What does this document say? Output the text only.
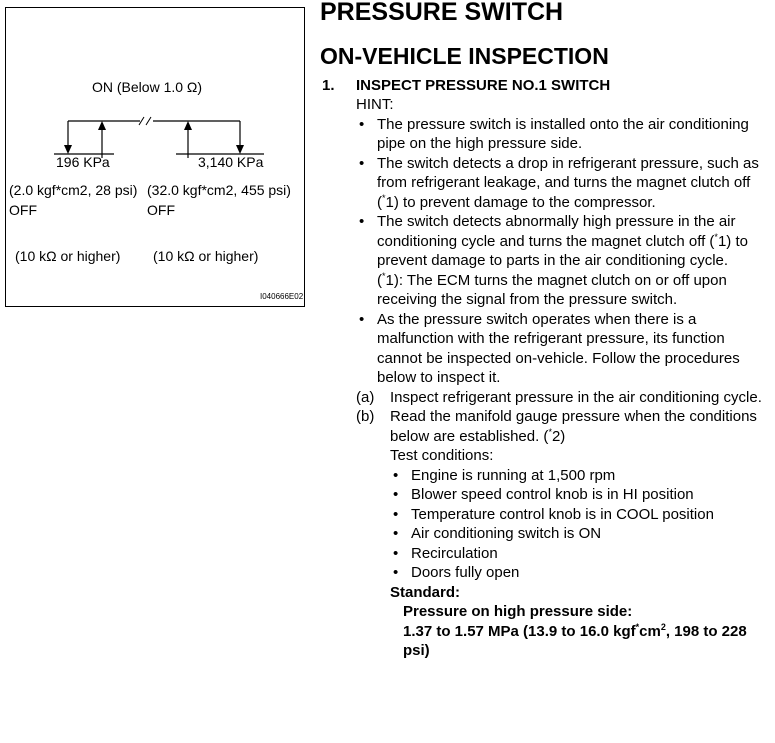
ON (Below 1.0 Ω)
196 KPa	3,140 KPa
(2.0 kgf*cm2, 28 psi) (32.0 kgf*cm2, 455 psi)
OFF	OFF
(10 kΩ or higher) (10 kΩ or higher)
I040666E02
PRESSURE SWITCH
ON-VEHICLE INSPECTION
1. INSPECT PRESSURE NO.1 SWITCH
HINT:
• The pressure switch is installed onto the air conditioning pipe on the high pressure side.
• The switch detects a drop in refrigerant pressure, such as from refrigerant leakage, and turns the magnet clutch off (*1) to prevent damage to the compressor.
• The switch detects abnormally high pressure in the air conditioning cycle and turns the magnet clutch off (*1) to prevent damage to parts in the air conditioning cycle.
(*1): The ECM turns the magnet clutch on or off upon receiving the signal from the pressure switch.
• As the pressure switch operates when there is a malfunction with the refrigerant pressure, its function cannot be inspected on-vehicle. Follow the procedures below to inspect it.
(a) Inspect refrigerant pressure in the air conditioning cycle.
(b) Read the manifold gauge pressure when the conditions below are established. (*2)
Test conditions:
• Engine is running at 1,500 rpm
• Blower speed control knob is in HI position
• Temperature control knob is in COOL position
• Air conditioning switch is ON
• Recirculation
• Doors fully open
Standard:
Pressure on high pressure side:
1.37 to 1.57 MPa (13.9 to 16.0 $kgf^*cm^2$, 198 to 228 psi)
